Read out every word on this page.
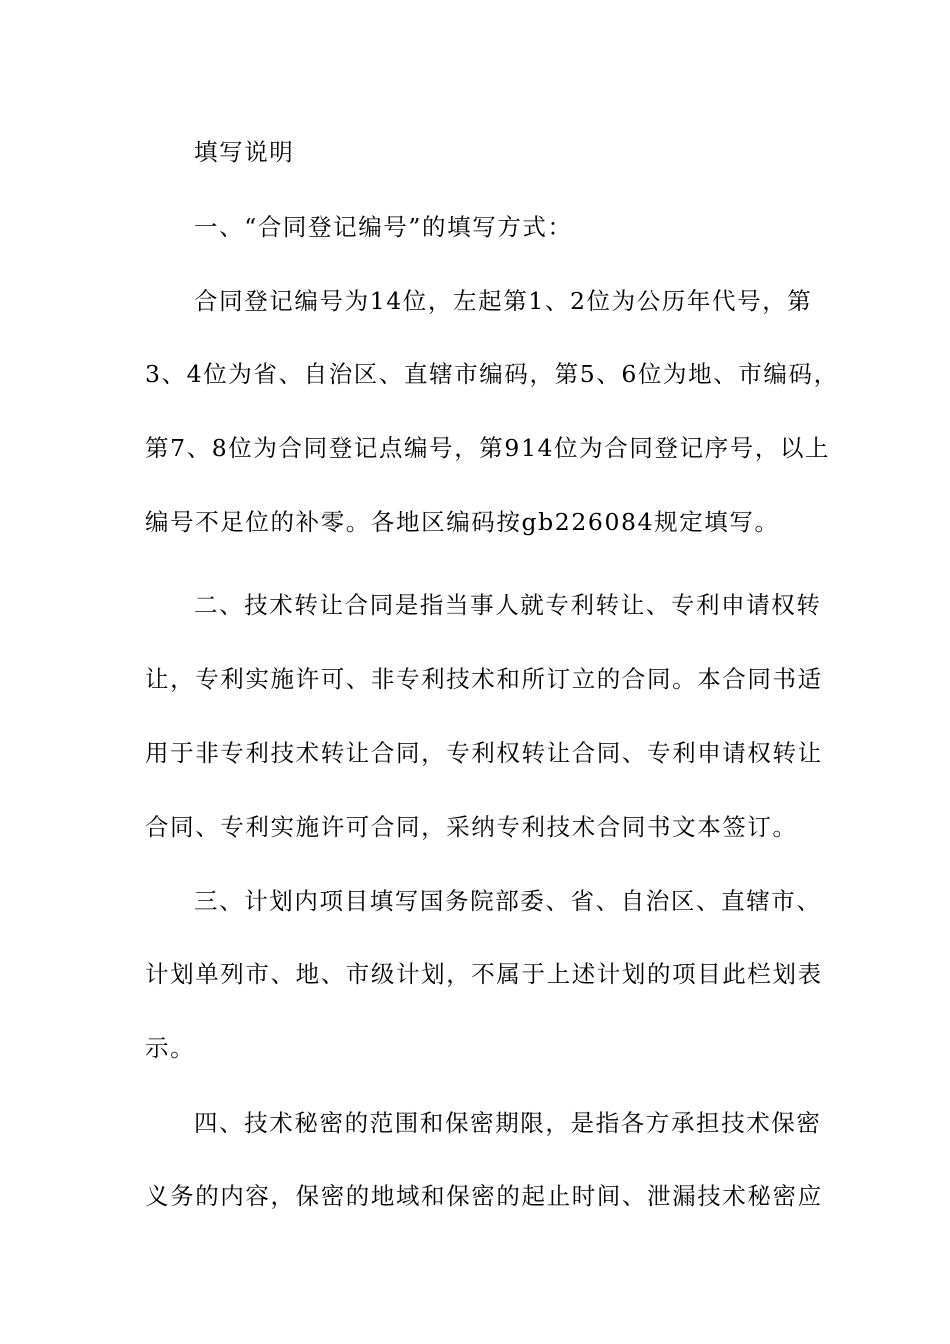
填写说明
一、“合同登记编号”的填写方式：
合同登记编号为14位，左起第1、2位为公历年代号，第
3、4位为省、自治区、直辖市编码，第5、6位为地、市编码，
第7、8位为合同登记点编号，第914位为合同登记序号，以上
编号不足位的补零。各地区编码按gb226084规定填写。
二、技术转让合同是指当事人就专利转让、专利申请权转
让，专利实施许可、非专利技术和所订立的合同。本合同书适
用于非专利技术转让合同，专利权转让合同、专利申请权转让
合同、专利实施许可合同，采纳专利技术合同书文本签订。
三、计划内项目填写国务院部委、省、自治区、直辖市、
计划单列市、地、市级计划，不属于上述计划的项目此栏划表
示。
四、技术秘密的范围和保密期限，是指各方承担技术保密
义务的内容，保密的地域和保密的起止时间、泄漏技术秘密应
